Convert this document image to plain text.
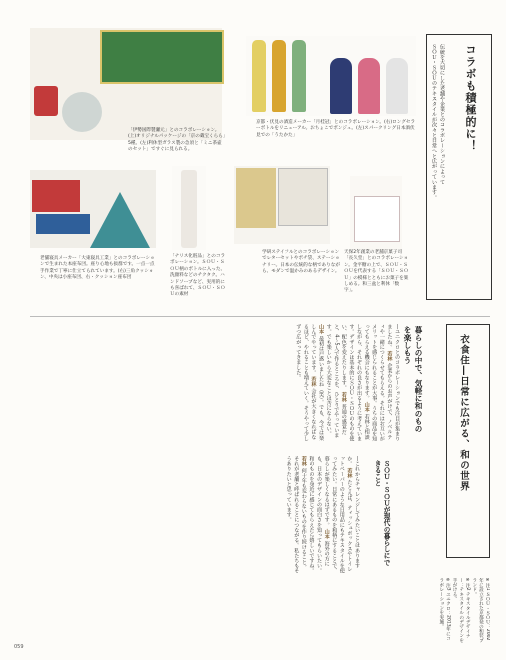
「伊勢国際製瀬元」とのコラボレーション。(上)オリジナルパッケージの「京の蔵宝くらら」5種。(左)利休型ガラス製の急須と「ミニ茶壷のセット」ですぐに見られる。
京都・伏見の酒造メーカー「月桂冠」とのコラボレーション。(右)ロングセラーボトルをリニューアル。おちょこでボンジュ。(左)スパークリング日本酒伏見での「うたかた」	コラボも積極的に！
伝統を大切にした老舗や企業とのコラボレーションによって
ＳＯＵ・ＳＯＵのテキスタイルが次々と日常へと広がっています。
老舗寝具メーカー「大東寝具工業」とのコラボレーションで生まれた本座布団。座り心地も抜群です。一点一点手作業で丁寧に仕立てられています。(右)三角クッション、中央は小座布団、右・クッション座布団
「ナリス化粧品」とのコラボレーション。ＳＯＵ・ＳＯＵ柄のボトルに入った、洗顔料などのチクタク。ハンドソープなど、実用的にも喜ばれて、ＳＯＵ・ＳＯＵの素材
学研ステイフルとのコラボレーションでレターセットやポチ袋、ステーショナリー。日本の伝統的な柄でありながら、モダンで温かみのあるデザイン。
天保2年創業の老舗京菓子司「長久堂」とのコラボレーション。金平糖の上で、ＳＯＵ・ＳＯＵを代表する「ＳＯＵ・ＳＯＵ」の模様とともにお菓子を楽しめる。和三盆と利休「数字」。
衣食住―日常に広がる、和の世界
暮らしの中で、気軽に和のものを楽しもう
―ユニクロとのコラボレーションでも注目が集まりましたね。 若林 企業からのお声がけで、ノベルティや一緒につくらせてもらえる。それにはお互いがメリットを感じられることが大事。うちの商品を知ってもらえる機会にもなります。 山本 若林と相談しながら、それぞれの良さが出るように考えています。デザインは基本的にＳＯＵ・ＳＯＵのものを使い、配色を変えたりします。 若林 普通の感覚だと、4〜5人で作るところを、ひとりでやっています。でも楽しいから大変なことは苦にならない。 山本 最初は戸惑いましたね（笑）。でも、今では楽しんでやっています。 若林 会社が大きくなればなるほど、やれることも増えていく。そうやって少しずつ広がってきました。
ＳＯＵ・ＳＯＵが現代の暮らしにできること
―これからチャレンジしてみたいことはありますか。 若林 たとえば、ティッシュボックスやトイレットペーパーのような日用品にもテキスタイルを使ってみたい。日常にあるものを和柄にすることで、暮らしが楽しくなるはずです。 山本 海外の方にも、日本のデザインの面白さを知ってもらいたい。和のものを身近に感じてもらえたら嬉しいですね。 若林 何十年も変わらないものを作り続けること。それが老舗と呼ばれることにつながる。私たちもそうありたいと思っています。
※注1 ＳＯＵ・ＳＯＵ：2002年に設立された京都発の和装ブランド。
※注2 テキスタイルデザイナー：テキスタイルのデザインを手がける。
※注3 ユニクロ：2013年にコラボレーションを実施。
059
